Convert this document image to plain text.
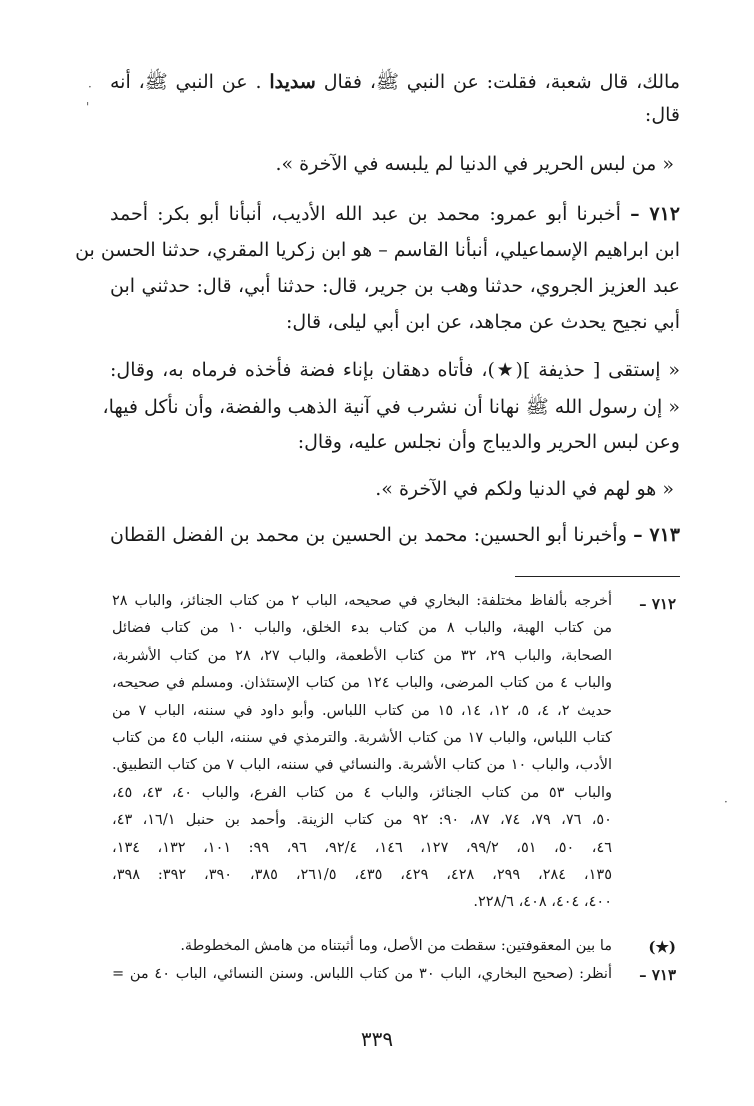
·
'
·
مالك، قال شعبة، فقلت: عن النبي ﷺ، فقال سديدا . عن النبي ﷺ، أنه
قال:
« من لبس الحرير في الدنيا لم يلبسه في الآخرة ».
٧١٢ – أخبرنا أبو عمرو: محمد بن عبد الله الأديب، أنبأنا أبو بكر: أحمد
ابن ابراهيم الإسماعيلي، أنبأنا القاسم – هو ابن زكريا المقري، حدثنا الحسن بن
عبد العزيز الجروي، حدثنا وهب بن جرير، قال: حدثنا أبي، قال: حدثني ابن
أبي نجيح يحدث عن مجاهد، عن ابن أبي ليلى، قال:
« إستقى [ حذيفة ](★)، فأتاه دهقان بإناء فضة فأخذه فرماه به، وقال:
« إن رسول الله ﷺ نهانا أن نشرب في آنية الذهب والفضة، وأن نأكل فيها،
وعن لبس الحرير والديباج وأن نجلس عليه، وقال:
« هو لهم في الدنيا ولكم في الآخرة ».
٧١٣ – وأخبرنا أبو الحسين: محمد بن الحسين بن محمد بن الفضل القطان
٧١٢ –
أخرجه بألفاظ مختلفة: البخاري في صحيحه، الباب ٢ من كتاب الجنائز، والباب ٢٨
من كتاب الهبة، والباب ٨ من كتاب بدء الخلق، والباب ١٠ من كتاب فضائل
الصحابة، والباب ٢٩، ٣٢ من كتاب الأطعمة، والباب ٢٧، ٢٨ من كتاب الأشربة،
والباب ٤ من كتاب المرضى، والباب ١٢٤ من كتاب الإستئذان. ومسلم في صحيحه،
حديث ٢، ٤، ٥، ١٢، ١٤، ١٥ من كتاب اللباس. وأبو داود في سننه، الباب ٧ من
كتاب اللباس، والباب ١٧ من كتاب الأشربة. والترمذي في سننه، الباب ٤٥ من كتاب
الأدب، والباب ١٠ من كتاب الأشربة. والنسائي في سننه، الباب ٧ من كتاب التطبيق.
والباب ٥٣ من كتاب الجنائز، والباب ٤ من كتاب الفرع، والباب ٤٠، ٤٣، ٤٥،
٥٠، ٧٦، ٧٩، ٧٤، ٨٧، ٩٠: ٩٢ من كتاب الزينة. وأحمد بن حنبل ١٦/١، ٤٣،
٤٦، ٥٠، ٥١، ٩٩/٢، ١٢٧، ١٤٦، ٩٢/٤، ٩٦، ٩٩: ١٠١، ١٣٢، ١٣٤،
١٣٥، ٢٨٤، ٢٩٩، ٤٢٨، ٤٢٩، ٤٣٥، ٢٦١/٥، ٣٨٥، ٣٩٠، ٣٩٢: ٣٩٨،
٤٠٠، ٤٠٤، ٤٠٨، ٢٢٨/٦.
(★)
ما بين المعقوفتين: سقطت من الأصل، وما أثبتناه من هامش المخطوطة.
٧١٣ –
أنظر: (صحيح البخاري، الباب ٣٠ من كتاب اللباس. وسنن النسائي، الباب ٤٠ من =
٣٣٩
